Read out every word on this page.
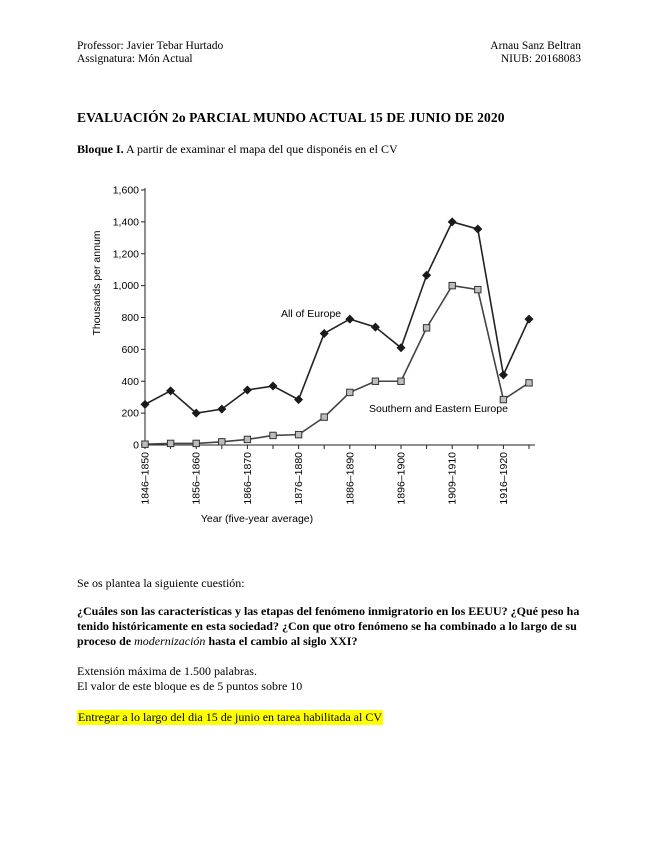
Professor: Javier Tebar Hurtado
Assignatura: Món Actual
Arnau Sanz Beltran
NIUB: 20168083
EVALUACIÓN 2o PARCIAL MUNDO ACTUAL 15 DE JUNIO DE 2020
Bloque I. A partir de examinar el mapa del que disponéis en el CV
0
200
400
600
800
1,000
1,200
1,400
1,600
1846–1850	1856–1860	1866–1870	1876–1880	1886–1890	1896–1900	1909–1910	1916–1920
Thousands per annum
Year (five-year average)
All of Europe
Southern and Eastern Europe
Se os plantea la siguiente cuestión:
¿Cuáles son las características y las etapas del fenómeno inmigratorio en los EEUU? ¿Qué peso ha tenido históricamente en esta sociedad? ¿Con que otro fenómeno se ha combinado a lo largo de su proceso de modernización hasta el cambio al siglo XXI?
Extensión máxima de 1.500 palabras.
El valor de este bloque es de 5 puntos sobre 10
Entregar a lo largo del dia 15 de junio en tarea habilitada al CV
